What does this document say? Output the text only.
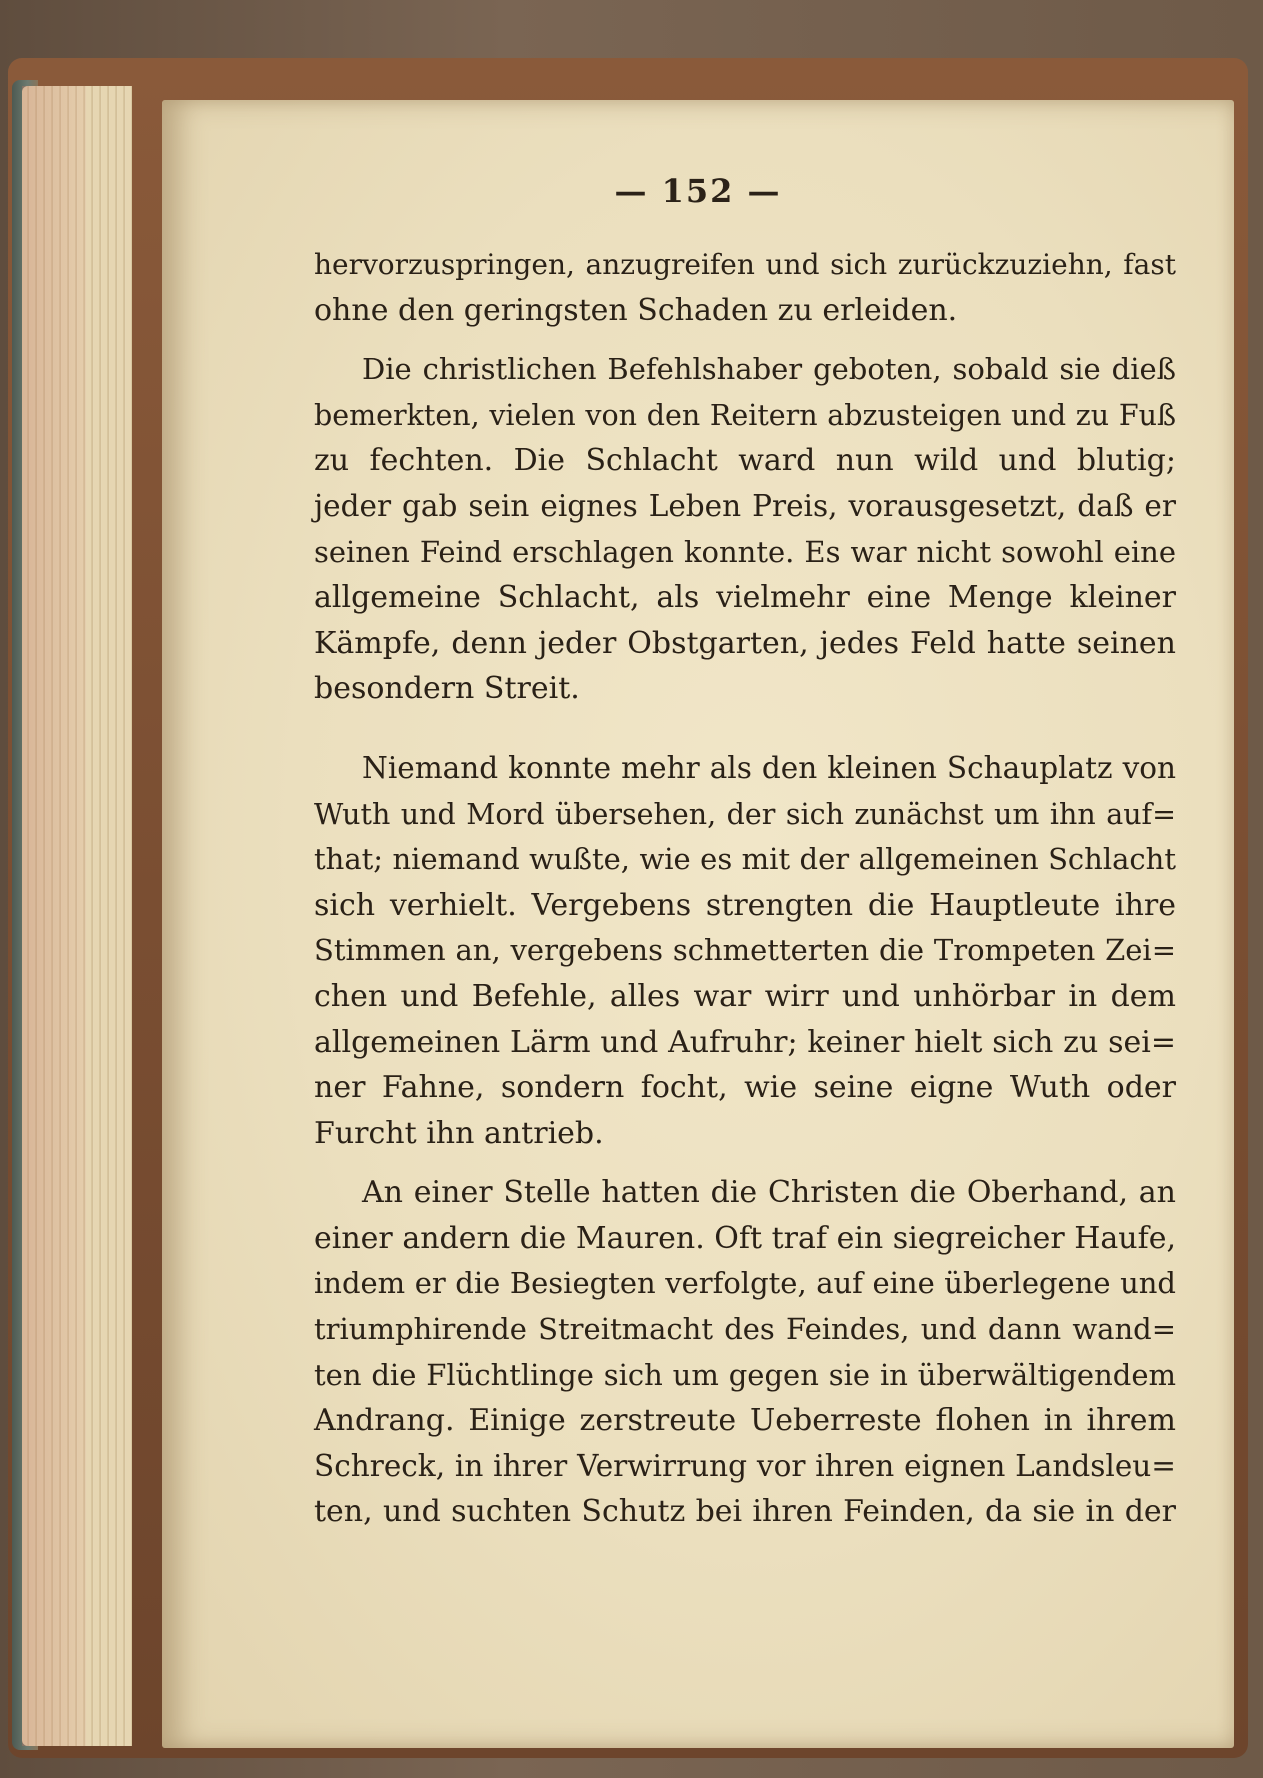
— 152 —

hervorzuspringen, anzugreifen und sich zurückzuziehn, fast
ohne den geringsten Schaden zu erleiden.

Die christlichen Befehlshaber geboten, sobald sie dieß
bemerkten, vielen von den Reitern abzusteigen und zu Fuß
zu fechten. Die Schlacht ward nun wild und blutig;
jeder gab sein eignes Leben Preis, vorausgesetzt, daß er
seinen Feind erschlagen konnte. Es war nicht sowohl eine
allgemeine Schlacht, als vielmehr eine Menge kleiner
Kämpfe, denn jeder Obstgarten, jedes Feld hatte seinen
besondern Streit.

Niemand konnte mehr als den kleinen Schauplatz von
Wuth und Mord übersehen, der sich zunächst um ihn auf=
that; niemand wußte, wie es mit der allgemeinen Schlacht
sich verhielt. Vergebens strengten die Hauptleute ihre
Stimmen an, vergebens schmetterten die Trompeten Zei=
chen und Befehle, alles war wirr und unhörbar in dem
allgemeinen Lärm und Aufruhr; keiner hielt sich zu sei=
ner Fahne, sondern focht, wie seine eigne Wuth oder
Furcht ihn antrieb.

An einer Stelle hatten die Christen die Oberhand, an
einer andern die Mauren. Oft traf ein siegreicher Haufe,
indem er die Besiegten verfolgte, auf eine überlegene und
triumphirende Streitmacht des Feindes, und dann wand=
ten die Flüchtlinge sich um gegen sie in überwältigendem
Andrang. Einige zerstreute Ueberreste flohen in ihrem
Schreck, in ihrer Verwirrung vor ihren eignen Landsleu=
ten, und suchten Schutz bei ihren Feinden, da sie in der
